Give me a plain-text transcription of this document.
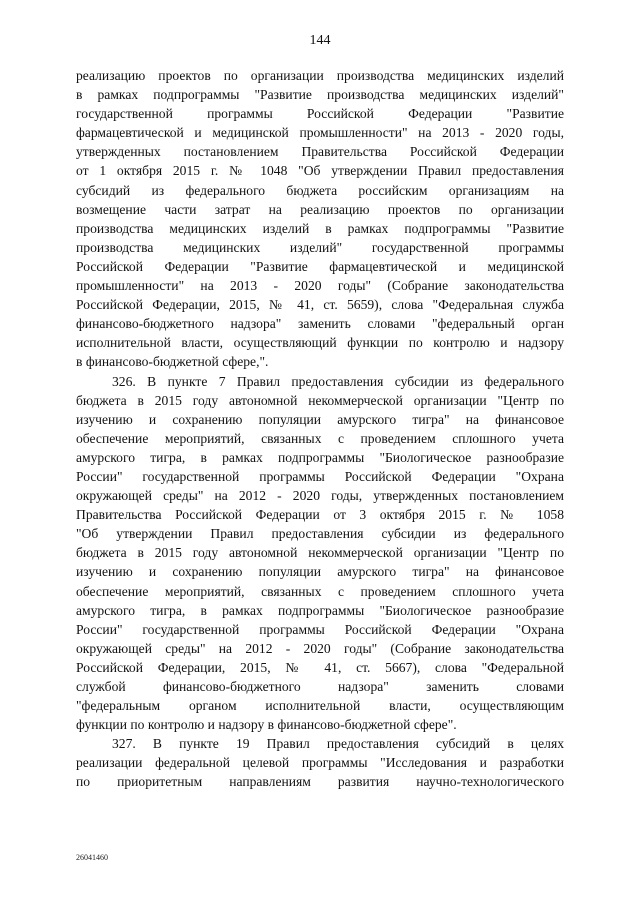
144
реализацию проектов по организации производства медицинских изделий
в рамках подпрограммы "Развитие производства медицинских изделий"
государственной программы Российской Федерации "Развитие
фармацевтической и медицинской промышленности" на 2013 - 2020 годы,
утвержденных постановлением Правительства Российской Федерации
от 1 октября 2015 г. № 1048 "Об утверждении Правил предоставления
субсидий из федерального бюджета российским организациям на
возмещение части затрат на реализацию проектов по организации
производства медицинских изделий в рамках подпрограммы "Развитие
производства медицинских изделий" государственной программы
Российской Федерации "Развитие фармацевтической и медицинской
промышленности" на 2013 - 2020 годы" (Собрание законодательства
Российской Федерации, 2015, № 41, ст. 5659), слова "Федеральная служба
финансово-бюджетного надзора" заменить словами "федеральный орган
исполнительной власти, осуществляющий функции по контролю и надзору
в финансово-бюджетной сфере,".
326. В пункте 7 Правил предоставления субсидии из федерального
бюджета в 2015 году автономной некоммерческой организации "Центр по
изучению и сохранению популяции амурского тигра" на финансовое
обеспечение мероприятий, связанных с проведением сплошного учета
амурского тигра, в рамках подпрограммы "Биологическое разнообразие
России" государственной программы Российской Федерации "Охрана
окружающей среды" на 2012 - 2020 годы, утвержденных постановлением
Правительства Российской Федерации от 3 октября 2015 г. № 1058
"Об утверждении Правил предоставления субсидии из федерального
бюджета в 2015 году автономной некоммерческой организации "Центр по
изучению и сохранению популяции амурского тигра" на финансовое
обеспечение мероприятий, связанных с проведением сплошного учета
амурского тигра, в рамках подпрограммы "Биологическое разнообразие
России" государственной программы Российской Федерации "Охрана
окружающей среды" на 2012 - 2020 годы" (Собрание законодательства
Российской Федерации, 2015, № 41, ст. 5667), слова "Федеральной
службой финансово-бюджетного надзора" заменить словами
"федеральным органом исполнительной власти, осуществляющим
функции по контролю и надзору в финансово-бюджетной сфере".
327. В пункте 19 Правил предоставления субсидий в целях
реализации федеральной целевой программы "Исследования и разработки
по приоритетным направлениям развития научно-технологического
26041460
